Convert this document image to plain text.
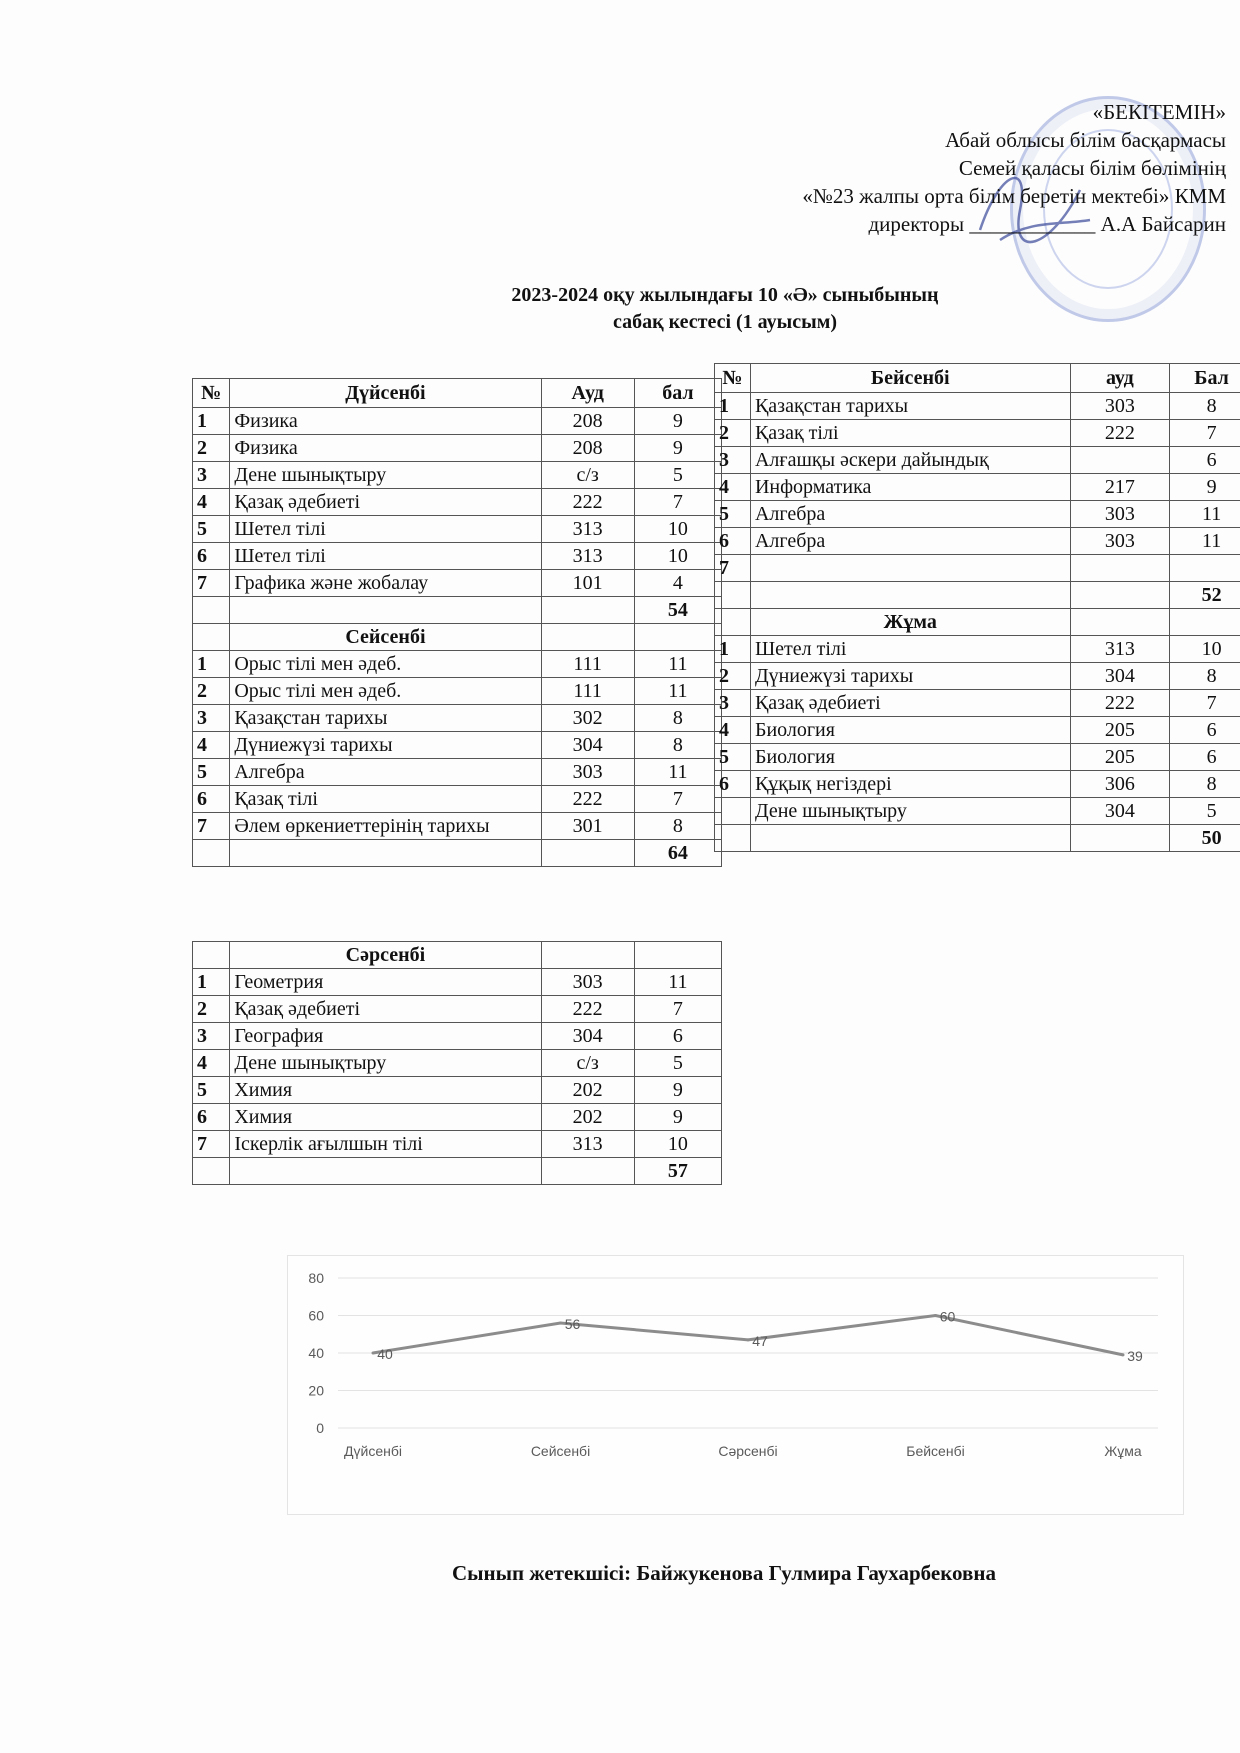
«БЕКІТЕМІН»
Абай облысы білім басқармасы
Семей қаласы білім бөлімінің
«№23 жалпы орта білім беретін мектебі» КММ
директоры ____________ А.А Байсарин
2023-2024 оқу жылындағы 10 «Ә» сыныбының
сабақ кестесі (1 ауысым)
№	Дүйсенбі	Ауд	бал
1	Физика	208	9
2	Физика	208	9
3	Дене шынықтыру	с/з	5
4	Қазақ әдебиеті	222	7
5	Шетел тілі	313	10
6	Шетел тілі	313	10
7	Графика және жобалау	101	4
			54
	Сейсенбі		
1	Орыс тілі мен әдеб.	111	11
2	Орыс тілі мен әдеб.	111	11
3	Қазақстан тарихы	302	8
4	Дүниежүзі тарихы	304	8
5	Алгебра	303	11
6	Қазақ тілі	222	7
7	Әлем өркениеттерінің тарихы	301	8
			64
	Сәрсенбі		
1	Геометрия	303	11
2	Қазақ әдебиеті	222	7
3	География	304	6
4	Дене шынықтыру	с/з	5
5	Химия	202	9
6	Химия	202	9
7	Іскерлік ағылшын тілі	313	10
			57
№	Бейсенбі	ауд	Бал
1	Қазақстан тарихы	303	8
2	Қазақ тілі	222	7
3	Алғашқы әскери дайындық		6
4	Информатика	217	9
5	Алгебра	303	11
6	Алгебра	303	11
7			
			52
	Жұма		
1	Шетел тілі	313	10
2	Дүниежүзі тарихы	304	8
3	Қазақ әдебиеті	222	7
4	Биология	205	6
5	Биология	205	6
6	Құқық негіздері	306	8
	Дене шынықтыру	304	5
			50
0
20
40
60
80
40
56
47
60
39
Дүйсенбі	Сейсенбі	Сәрсенбі	Бейсенбі	Жұма
Сынып жетекшісі: Байжукенова Гулмира Гаухарбековна
